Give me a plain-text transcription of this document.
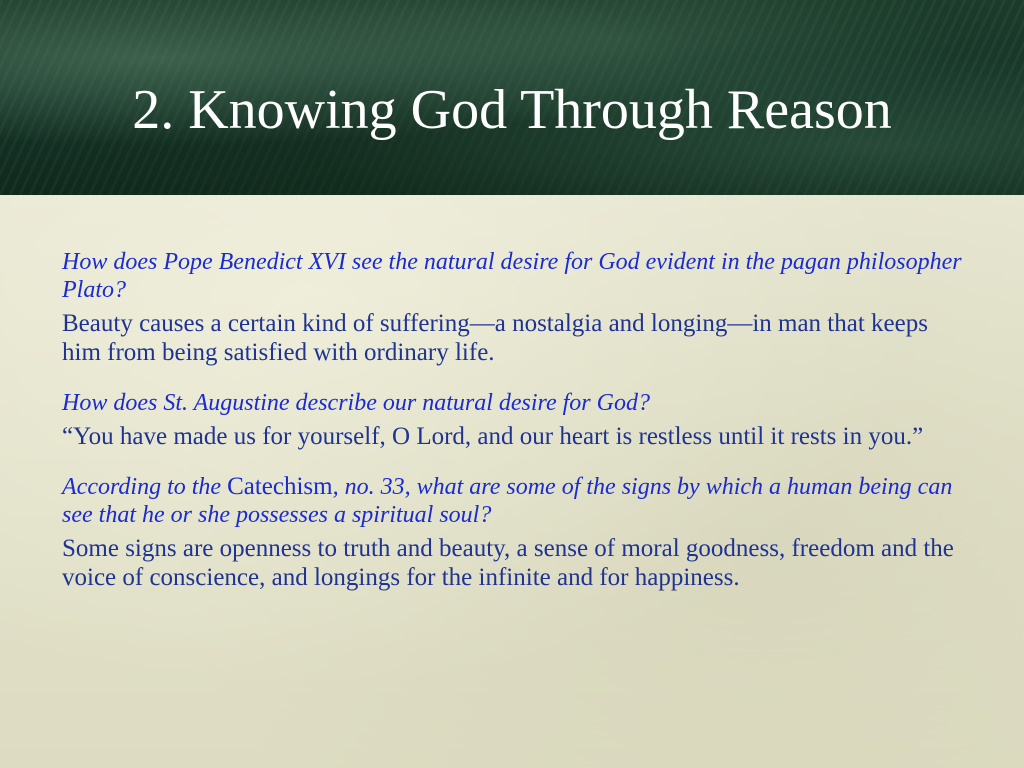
2. Knowing God Through Reason

How does Pope Benedict XVI see the natural desire for God evident in the pagan philosopher Plato?

Beauty causes a certain kind of suffering—a nostalgia and longing—in man that keeps him from being satisfied with ordinary life.

How does St. Augustine describe our natural desire for God?

“You have made us for yourself, O Lord, and our heart is restless until it rests in you.”

According to the Catechism, no. 33, what are some of the signs by which a human being can see that he or she possesses a spiritual soul?

Some signs are openness to truth and beauty, a sense of moral goodness, freedom and the voice of conscience, and longings for the infinite and for happiness.
